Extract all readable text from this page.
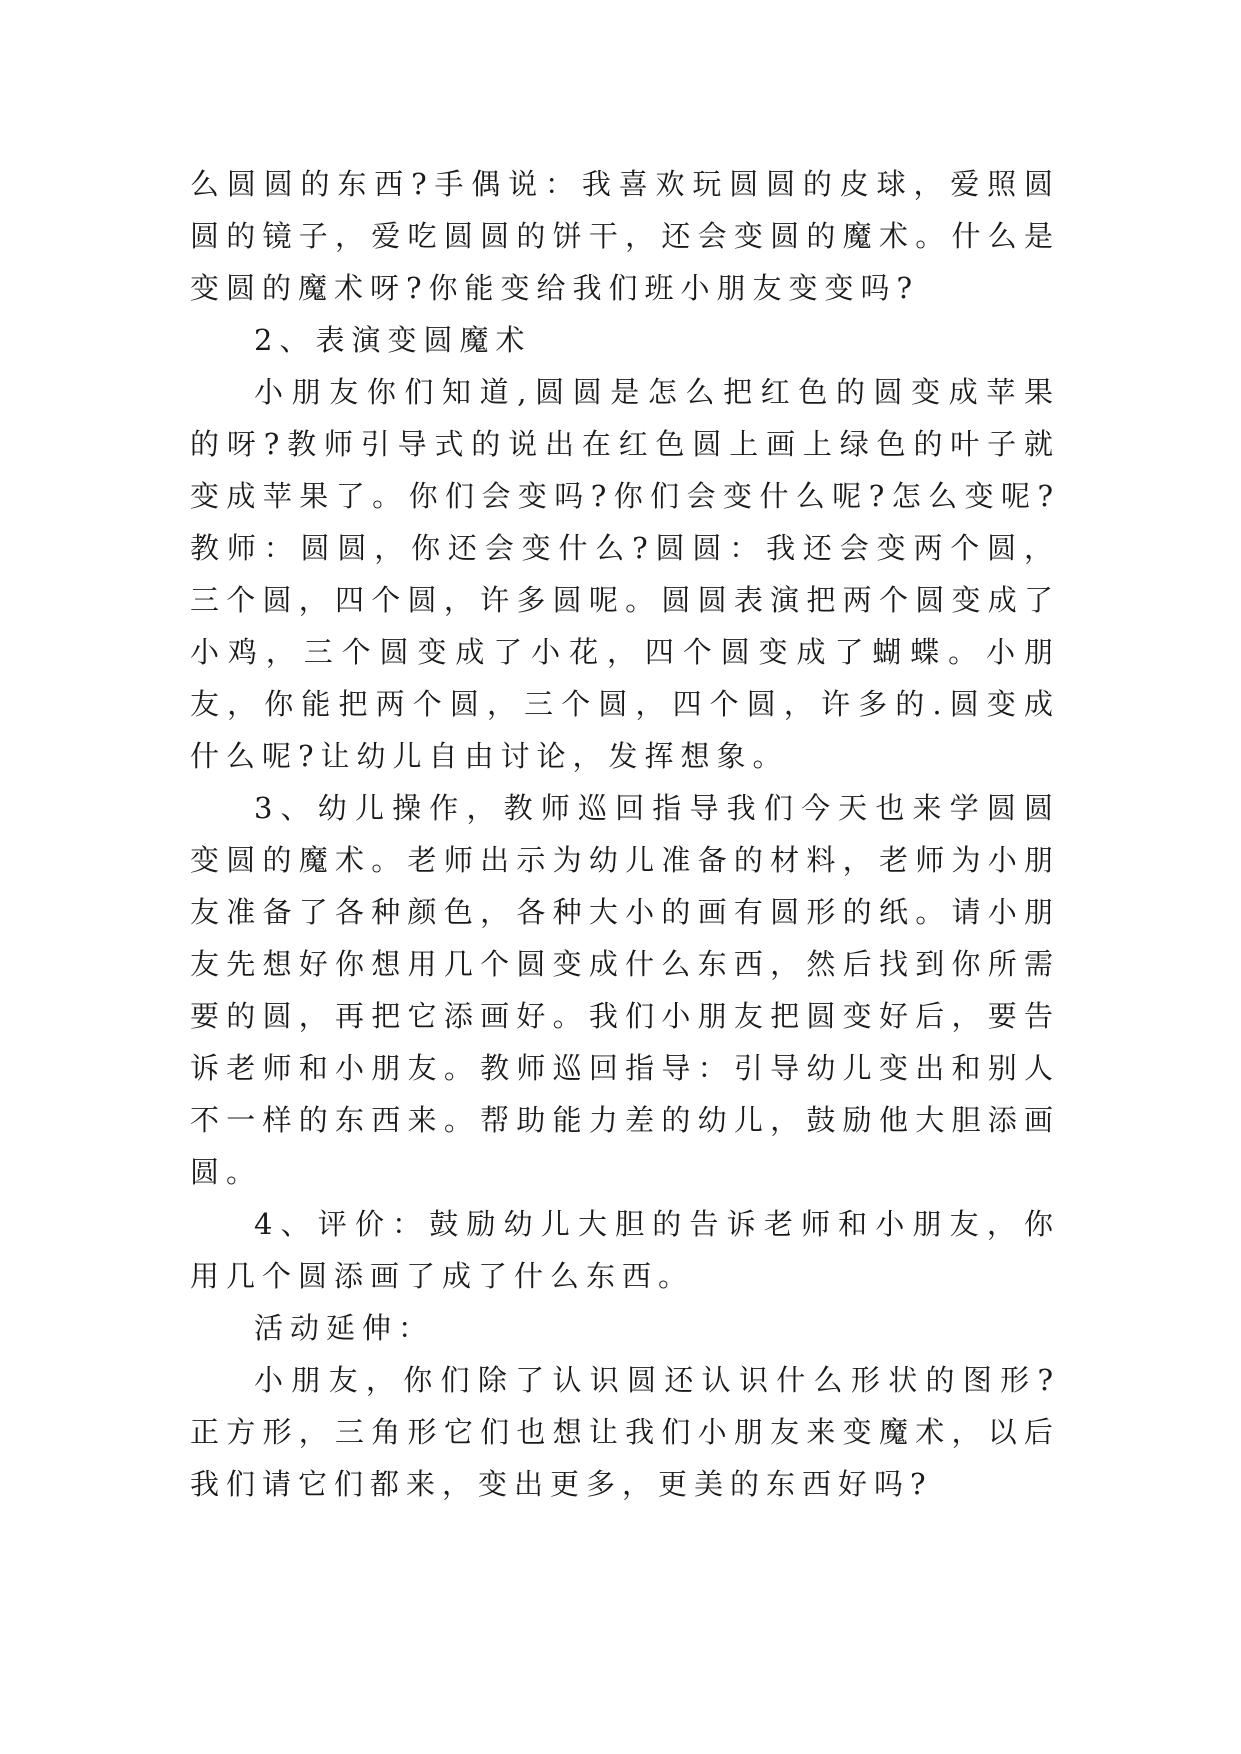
么圆圆的东西?手偶说：我喜欢玩圆圆的皮球，爱照圆圆的镜子，爱吃圆圆的饼干，还会变圆的魔术。什么是变圆的魔术呀?你能变给我们班小朋友变变吗?

2、表演变圆魔术

小朋友你们知道,圆圆是怎么把红色的圆变成苹果的呀?教师引导式的说出在红色圆上画上绿色的叶子就变成苹果了。你们会变吗?你们会变什么呢?怎么变呢?教师：圆圆，你还会变什么?圆圆：我还会变两个圆，三个圆，四个圆，许多圆呢。圆圆表演把两个圆变成了小鸡，三个圆变成了小花，四个圆变成了蝴蝶。小朋友，你能把两个圆，三个圆，四个圆，许多的.圆变成什么呢?让幼儿自由讨论，发挥想象。

3、幼儿操作，教师巡回指导我们今天也来学圆圆变圆的魔术。老师出示为幼儿准备的材料，老师为小朋友准备了各种颜色，各种大小的画有圆形的纸。请小朋友先想好你想用几个圆变成什么东西，然后找到你所需要的圆，再把它添画好。我们小朋友把圆变好后，要告诉老师和小朋友。教师巡回指导：引导幼儿变出和别人不一样的东西来。帮助能力差的幼儿，鼓励他大胆添画圆。

4、评价：鼓励幼儿大胆的告诉老师和小朋友，你用几个圆添画了成了什么东西。

活动延伸：

小朋友，你们除了认识圆还认识什么形状的图形?正方形，三角形它们也想让我们小朋友来变魔术，以后我们请它们都来，变出更多，更美的东西好吗?
